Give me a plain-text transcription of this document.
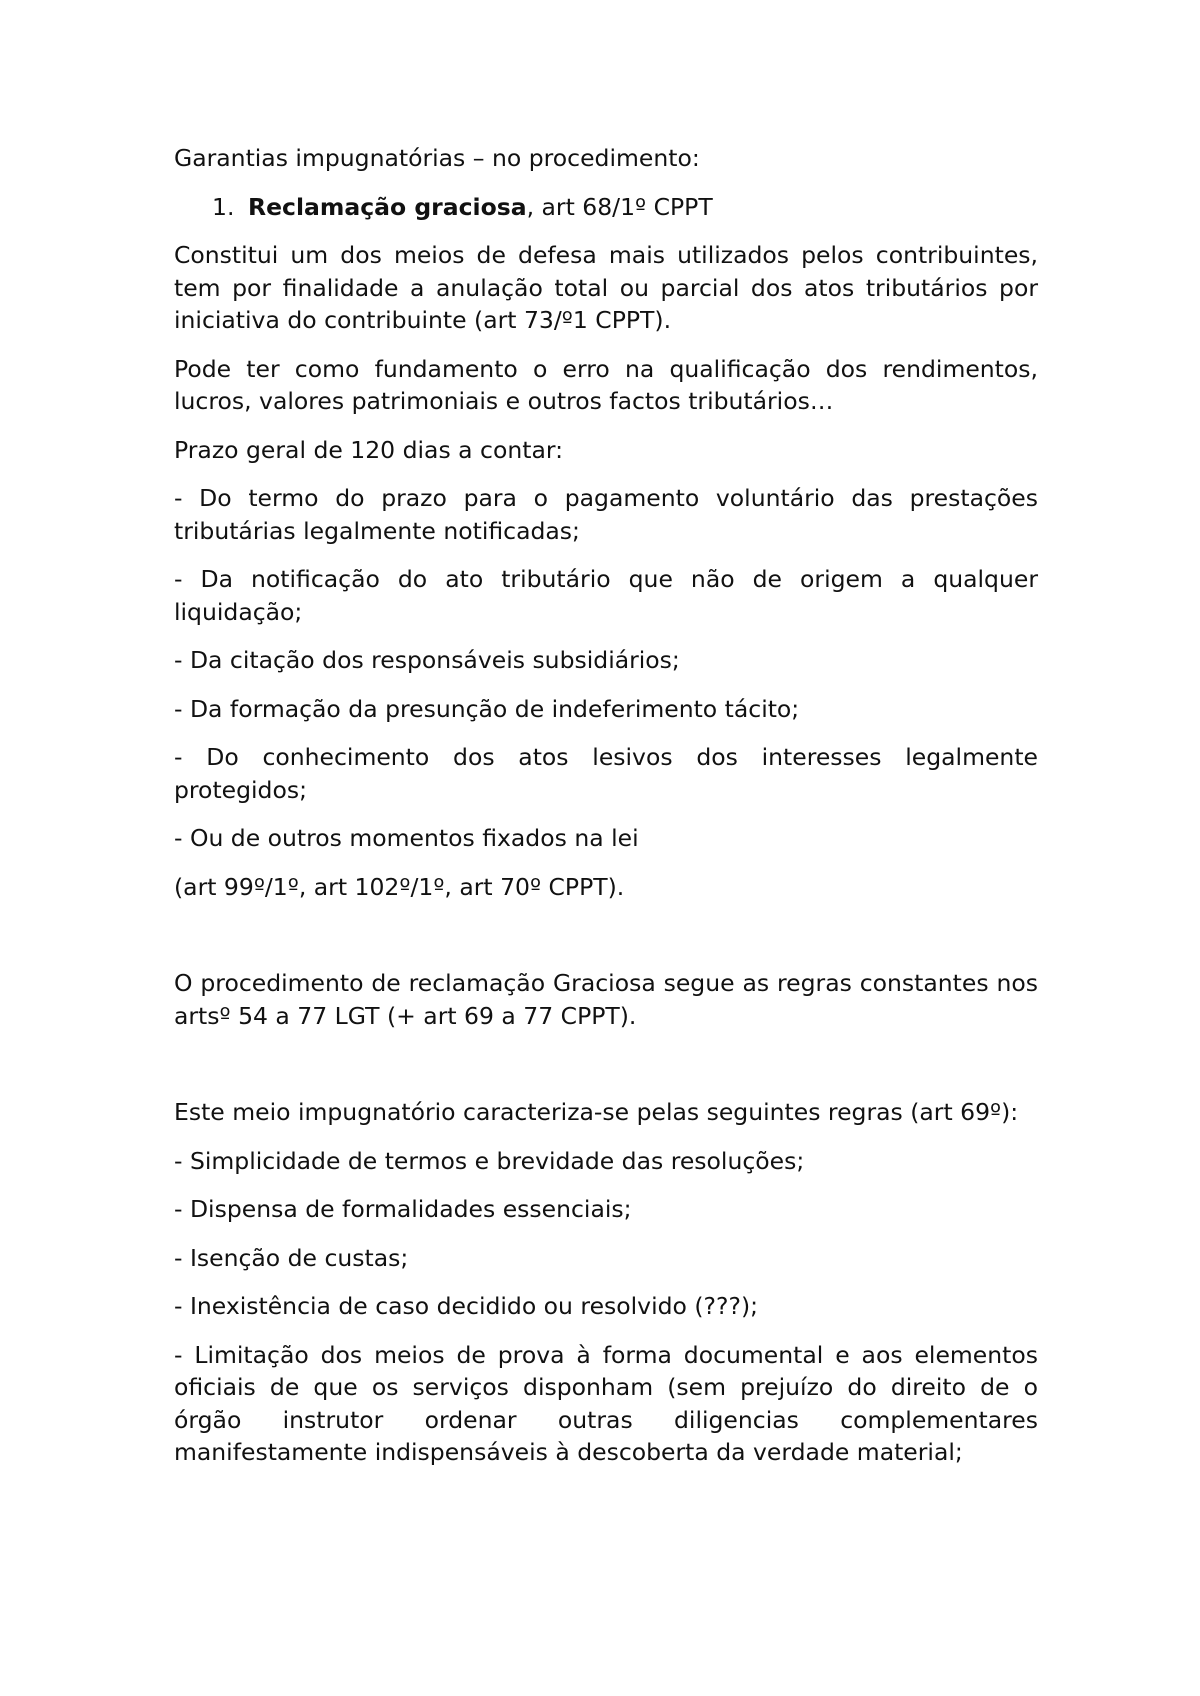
Garantias impugnatórias – no procedimento:

1. Reclamação graciosa, art 68/1º CPPT

Constitui um dos meios de defesa mais utilizados pelos contribuintes, tem por finalidade a anulação total ou parcial dos atos tributários por iniciativa do contribuinte (art 73/º1 CPPT).

Pode ter como fundamento o erro na qualificação dos rendimentos, lucros, valores patrimoniais e outros factos tributários…

Prazo geral de 120 dias a contar:

- Do termo do prazo para o pagamento voluntário das prestações tributárias legalmente notificadas;

- Da notificação do ato tributário que não de origem a qualquer liquidação;

- Da citação dos responsáveis subsidiários;

- Da formação da presunção de indeferimento tácito;

- Do conhecimento dos atos lesivos dos interesses legalmente protegidos;

- Ou de outros momentos fixados na lei

(art 99º/1º, art 102º/1º, art 70º CPPT).

O procedimento de reclamação Graciosa segue as regras constantes nos artsº 54 a 77 LGT (+ art 69 a 77 CPPT).

Este meio impugnatório caracteriza-se pelas seguintes regras (art 69º):

- Simplicidade de termos e brevidade das resoluções;

- Dispensa de formalidades essenciais;

- Isenção de custas;

- Inexistência de caso decidido ou resolvido (???);

- Limitação dos meios de prova à forma documental e aos elementos oficiais de que os serviços disponham (sem prejuízo do direito de o órgão instrutor ordenar outras diligencias complementares manifestamente indispensáveis à descoberta da verdade material;
